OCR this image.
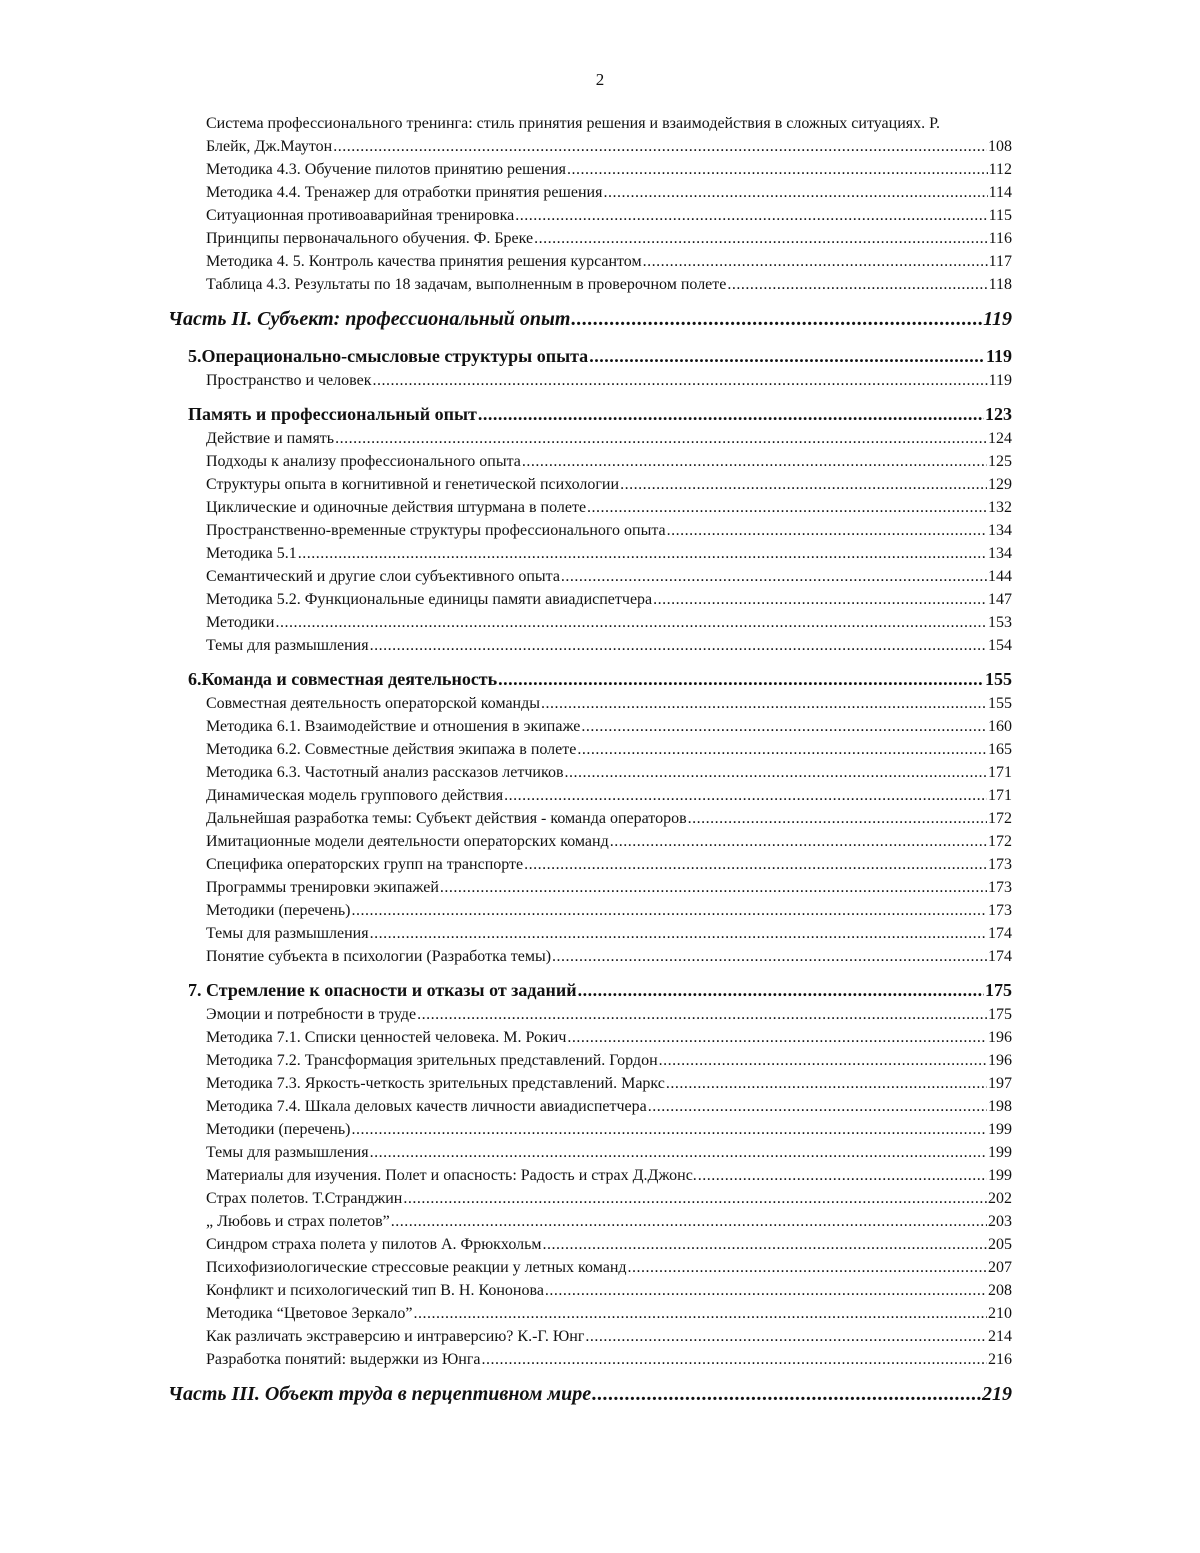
2
Система профессионального тренинга: стиль принятия решения и взаимодействия в сложных ситуациях. Р.
Блейк, Дж.Маутон .....	108
Методика 4.3. Обучение пилотов принятию решения .....	112
Методика 4.4. Тренажер для отработки принятия решения .....	114
Ситуационная противоаварийная тренировка .....	115
Принципы первоначального обучения. Ф. Бреке .....	116
Методика 4. 5. Контроль качества принятия решения курсантом .....	117
Таблица 4.3. Результаты по 18 задачам, выполненным в проверочном полете .....	118
Часть II. Субъект: профессиональный опыт .....	119
5.Операционально-смысловые структуры опыта .....	119
Пространство и человек .....	119
Память и профессиональный опыт .....	123
Действие и память .....	124
Подходы к анализу профессионального опыта .....	125
Структуры опыта в когнитивной и генетической психологии .....	129
Циклические и одиночные действия штурмана в полете .....	132
Пространственно-временные структуры профессионального опыта .....	134
Методика 5.1 .....	134
Семантический и другие слои субъективного опыта .....	144
Методика 5.2. Функциональные единицы памяти авиадиспетчера .....	147
Методики .....	153
Темы для размышления .....	154
6.Команда и совместная деятельность .....	155
Совместная деятельность операторской команды .....	155
Методика 6.1. Взаимодействие и отношения в экипаже .....	160
Методика 6.2. Совместные действия экипажа в полете .....	165
Методика 6.3. Частотный анализ рассказов летчиков .....	171
Динамическая модель группового действия .....	171
Дальнейшая разработка темы: Субъект действия - команда операторов .....	172
Имитационные модели деятельности операторских команд .....	172
Специфика операторских групп на транспорте .....	173
Программы тренировки экипажей .....	173
Методики (перечень) .....	173
Темы для размышления .....	174
Понятие субъекта в психологии (Разработка темы) .....	174
7. Стремление к опасности и отказы от заданий .....	175
Эмоции и потребности в труде .....	175
Методика 7.1. Списки ценностей человека. М. Рокич .....	196
Методика 7.2. Трансформация зрительных представлений. Гордон .....	196
Методика 7.3. Яркость-четкость зрительных представлений. Маркс .....	197
Методика 7.4. Шкала деловых качеств личности авиадиспетчера .....	198
Методики (перечень) .....	199
Темы для размышления .....	199
Материалы для изучения. Полет и опасность: Радость и страх Д.Джонс. .....	199
Страх полетов. Т.Странджин .....	202
„ Любовь и страх полетов” .....	203
Синдром страха полета у пилотов А. Фрюкхольм .....	205
Психофизиологические стрессовые реакции у летных команд .....	207
Конфликт и психологический тип В. Н. Кононова .....	208
Методика “Цветовое Зеркало” .....	210
Как различать экстраверсию и интраверсию? К.-Г. Юнг .....	214
Разработка понятий: выдержки из Юнга .....	216
Часть III. Объект труда в перцептивном мире .....	219
